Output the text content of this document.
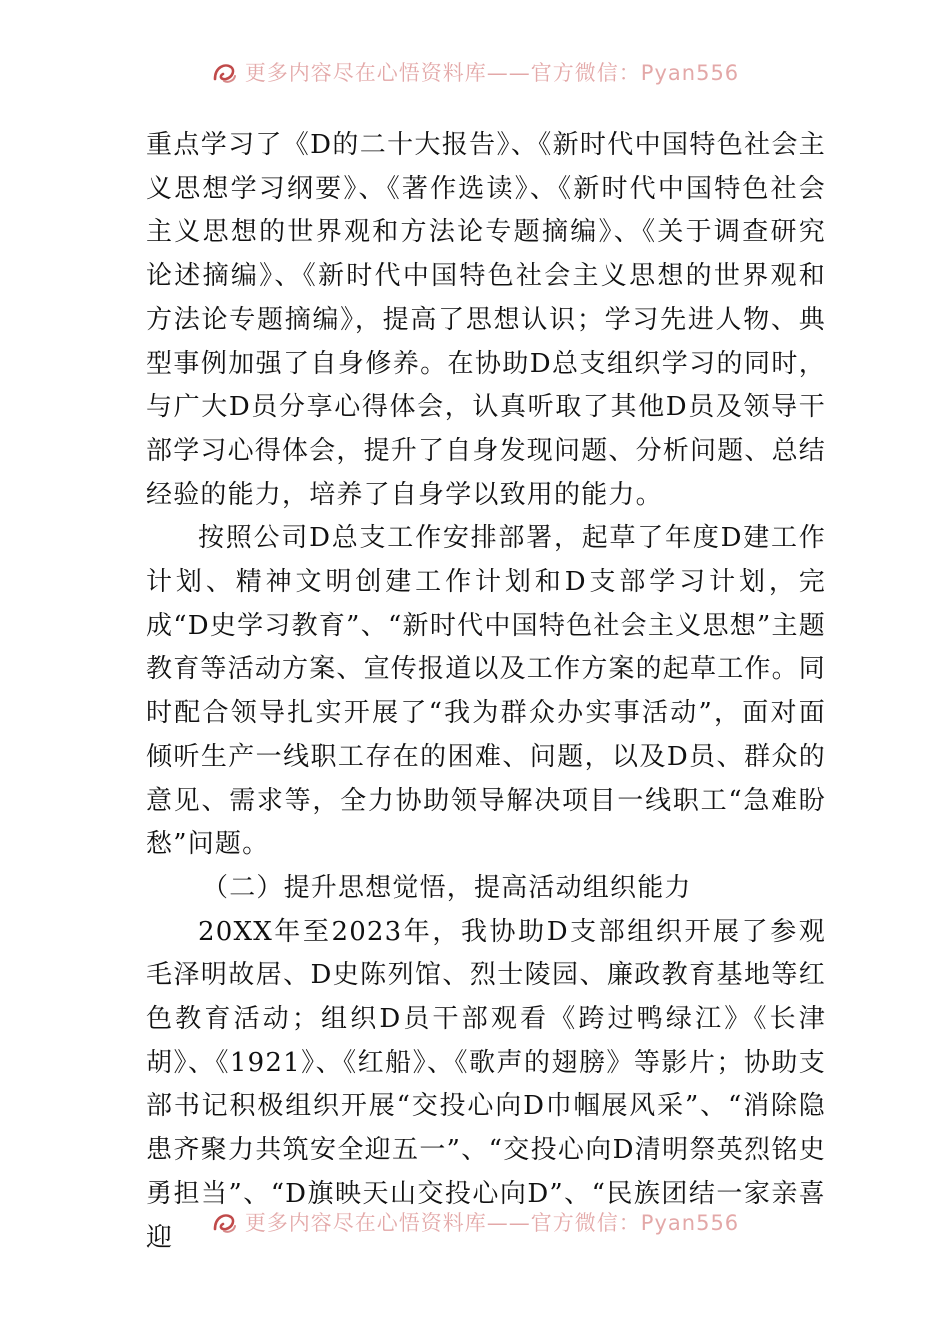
更多内容尽在心悟资料库——官方微信：Pyan556

重点学习了《D的二十大报告》、《新时代中国特色社会主义思想学习纲要》、《著作选读》、《新时代中国特色社会主义思想的世界观和方法论专题摘编》、《关于调查研究论述摘编》、《新时代中国特色社会主义思想的世界观和方法论专题摘编》，提高了思想认识；学习先进人物、典型事例加强了自身修养。在协助D总支组织学习的同时，与广大D员分享心得体会，认真听取了其他D员及领导干部学习心得体会，提升了自身发现问题、分析问题、总结经验的能力，培养了自身学以致用的能力。

按照公司D总支工作安排部署，起草了年度D建工作计划、精神文明创建工作计划和D支部学习计划，完成“D史学习教育”、“新时代中国特色社会主义思想”主题教育等活动方案、宣传报道以及工作方案的起草工作。同时配合领导扎实开展了“我为群众办实事活动”，面对面倾听生产一线职工存在的困难、问题，以及D员、群众的意见、需求等，全力协助领导解决项目一线职工“急难盼愁”问题。

（二）提升思想觉悟，提高活动组织能力

20XX年至2023年，我协助D支部组织开展了参观毛泽明故居、D史陈列馆、烈士陵园、廉政教育基地等红色教育活动；组织D员干部观看《跨过鸭绿江》《长津胡》、《1921》、《红船》、《歌声的翅膀》等影片；协助支部书记积极组织开展“交投心向D巾帼展风采”、“消除隐患齐聚力共筑安全迎五一”、“交投心向D清明祭英烈铭史勇担当”、“D旗映天山交投心向D”、“民族团结一家亲喜迎	更多内容尽在心悟资料库——官方微信：Pyan556
